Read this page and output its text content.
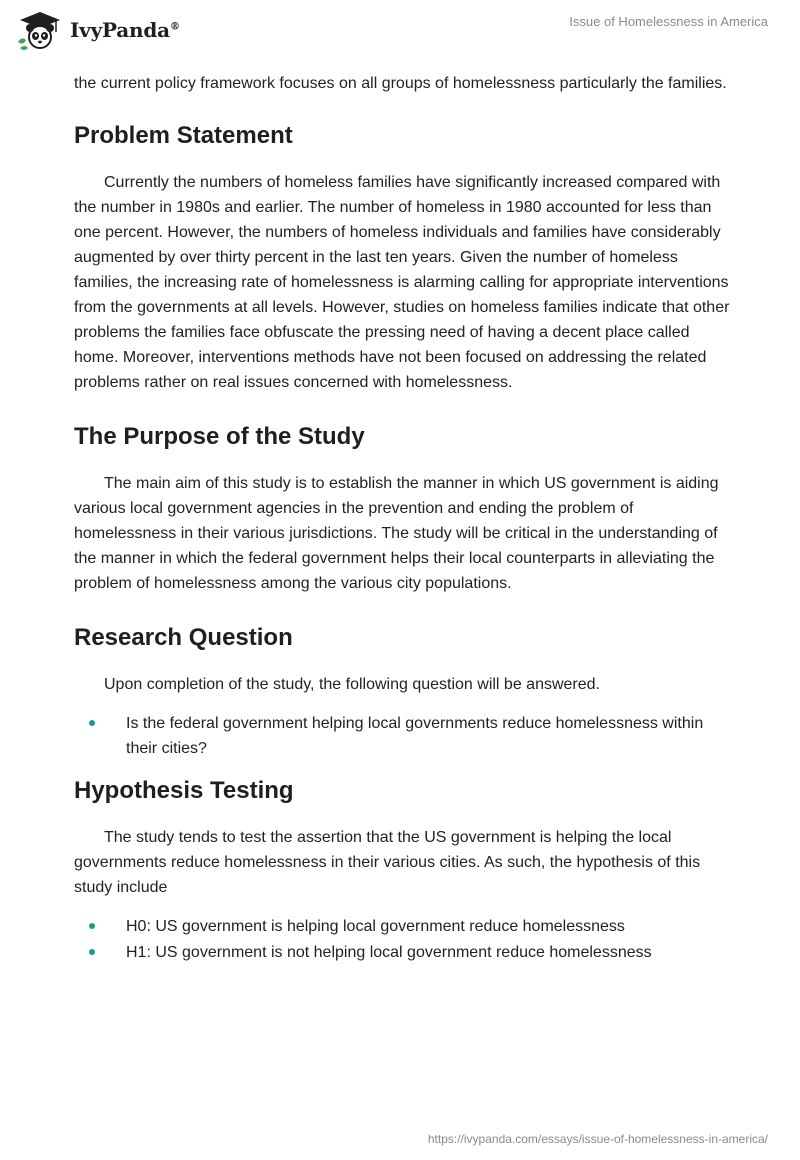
IvyPanda®	Issue of Homelessness in America

the current policy framework focuses on all groups of homelessness particularly the families.

Problem Statement

Currently the numbers of homeless families have significantly increased compared with the number in 1980s and earlier. The number of homeless in 1980 accounted for less than one percent. However, the numbers of homeless individuals and families have considerably augmented by over thirty percent in the last ten years. Given the number of homeless families, the increasing rate of homelessness is alarming calling for appropriate interventions from the governments at all levels. However, studies on homeless families indicate that other problems the families face obfuscate the pressing need of having a decent place called home. Moreover, interventions methods have not been focused on addressing the related problems rather on real issues concerned with homelessness.

The Purpose of the Study

The main aim of this study is to establish the manner in which US government is aiding various local government agencies in the prevention and ending the problem of homelessness in their various jurisdictions. The study will be critical in the understanding of the manner in which the federal government helps their local counterparts in alleviating the problem of homelessness among the various city populations.

Research Question

Upon completion of the study, the following question will be answered.

Is the federal government helping local governments reduce homelessness within their cities?
Hypothesis Testing

The study tends to test the assertion that the US government is helping the local governments reduce homelessness in their various cities. As such, the hypothesis of this study include

H0: US government is helping local government reduce homelessness
H1: US government is not helping local government reduce homelessness
https://ivypanda.com/essays/issue-of-homelessness-in-america/
